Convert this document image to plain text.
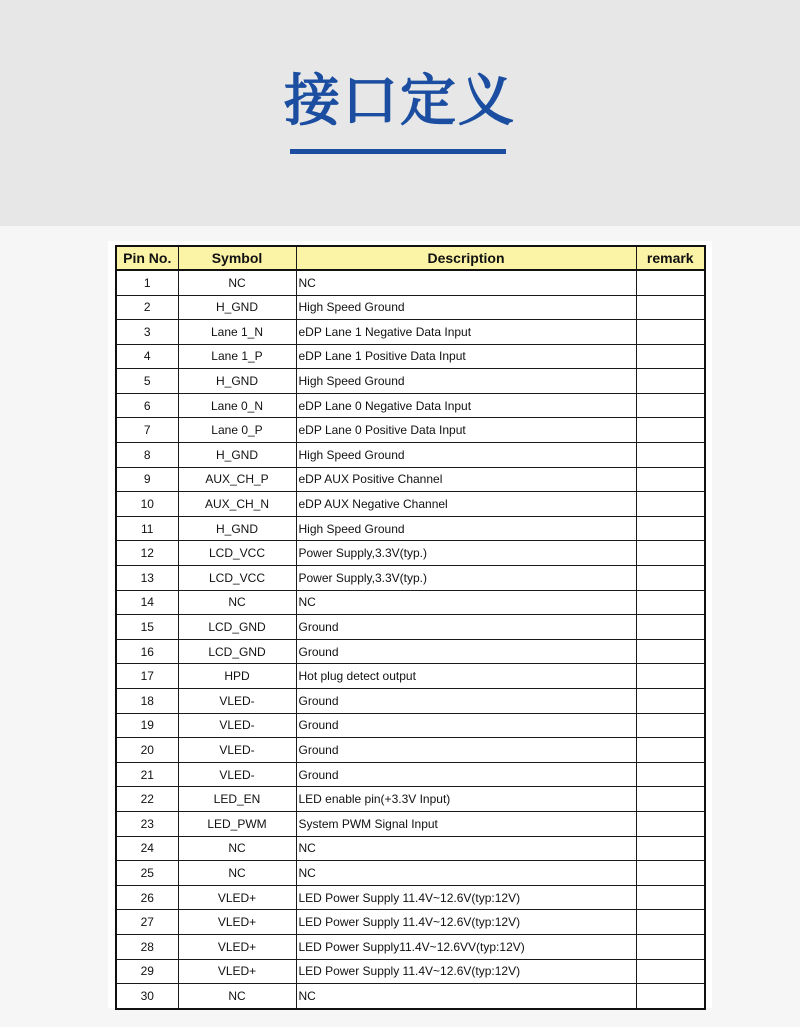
接口定义
Pin No.	Symbol	Description	remark
1	NC	NC	
2	H_GND	High Speed Ground	
3	Lane 1_N	eDP Lane 1 Negative Data Input	
4	Lane 1_P	eDP Lane 1 Positive Data Input	
5	H_GND	High Speed Ground	
6	Lane 0_N	eDP Lane 0 Negative Data Input	
7	Lane 0_P	eDP Lane 0 Positive Data Input	
8	H_GND	High Speed Ground	
9	AUX_CH_P	eDP AUX Positive Channel	
10	AUX_CH_N	eDP AUX Negative Channel	
11	H_GND	High Speed Ground	
12	LCD_VCC	Power Supply,3.3V(typ.)	
13	LCD_VCC	Power Supply,3.3V(typ.)	
14	NC	NC	
15	LCD_GND	Ground	
16	LCD_GND	Ground	
17	HPD	Hot plug detect output	
18	VLED-	Ground	
19	VLED-	Ground	
20	VLED-	Ground	
21	VLED-	Ground	
22	LED_EN	LED enable pin(+3.3V Input)	
23	LED_PWM	System PWM Signal Input	
24	NC	NC	
25	NC	NC	
26	VLED+	LED Power Supply 11.4V~12.6V(typ:12V)	
27	VLED+	LED Power Supply 11.4V~12.6V(typ:12V)	
28	VLED+	LED Power Supply11.4V~12.6VV(typ:12V)	
29	VLED+	LED Power Supply 11.4V~12.6V(typ:12V)	
30	NC	NC	
